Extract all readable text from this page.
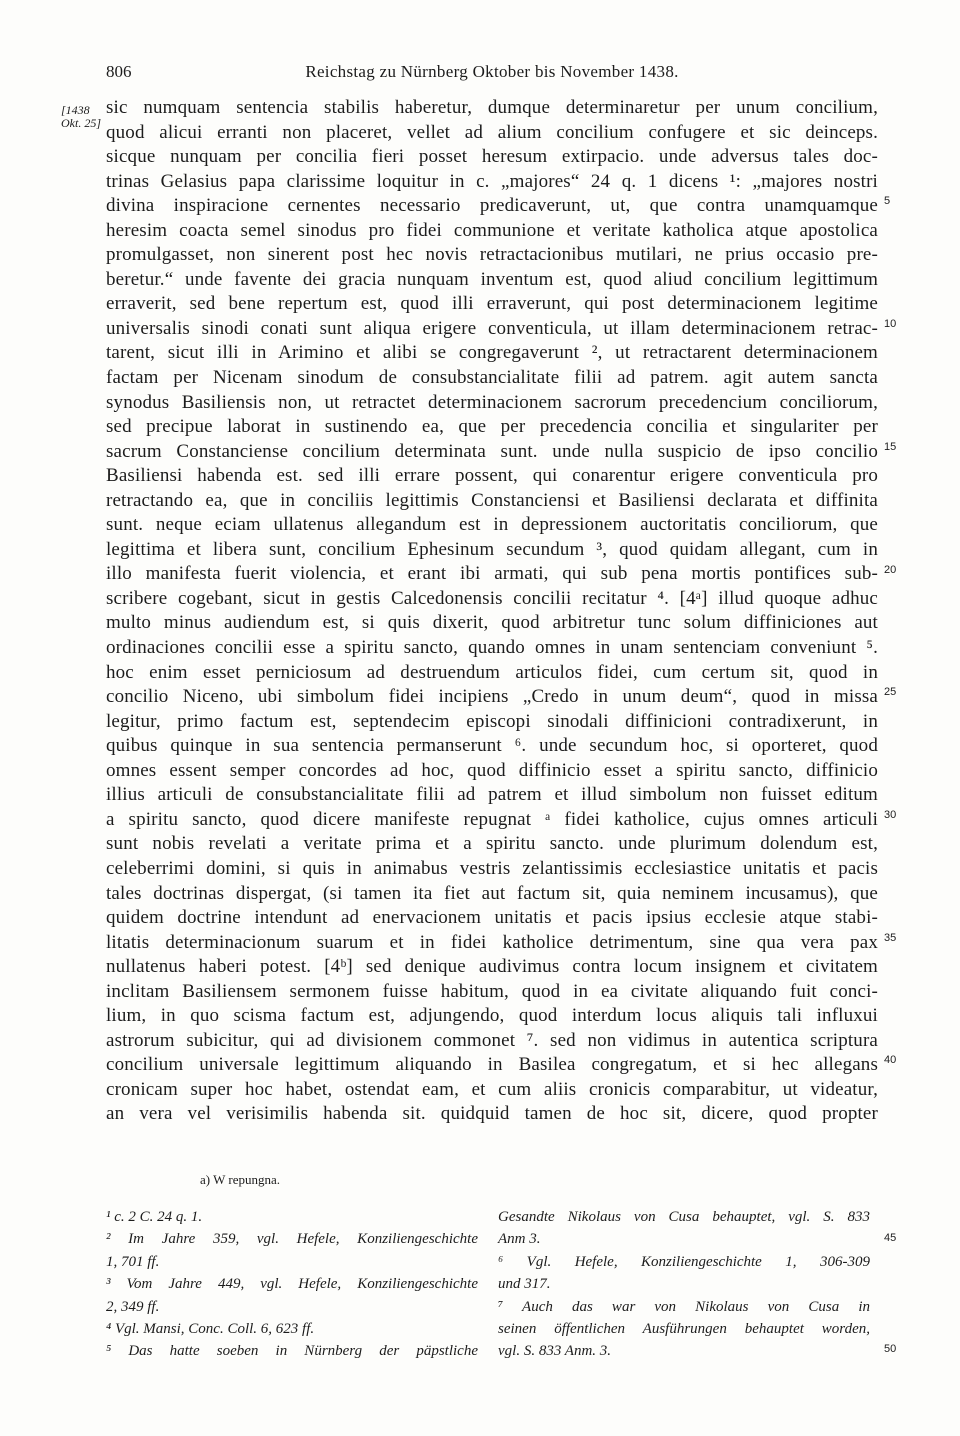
806	Reichstag zu Nürnberg Oktober bis November 1438.
[1438
Okt. 25]
sic numquam sentencia stabilis haberetur, dumque determinaretur per unum concilium,
quod alicui erranti non placeret, vellet ad alium concilium confugere et sic deinceps.
sicque nunquam per concilia fieri posset heresum extirpacio. unde adversus tales doc-
trinas Gelasius papa clarissime loquitur in c. „majores“ 24 q. 1 dicens ¹: „majores nostri
divina inspiracione cernentes necessario predicaverunt, ut, que contra unamquamque
heresim coacta semel sinodus pro fidei communione et veritate katholica atque apostolica
promulgasset, non sinerent post hec novis retractacionibus mutilari, ne prius occasio pre-
beretur.“ unde favente dei gracia nunquam inventum est, quod aliud concilium legittimum
erraverit, sed bene repertum est, quod illi erraverunt, qui post determinacionem legitime
universalis sinodi conati sunt aliqua erigere conventicula, ut illam determinacionem retrac-
tarent, sicut illi in Arimino et alibi se congregaverunt ², ut retractarent determinacionem
factam per Nicenam sinodum de consubstancialitate filii ad patrem. agit autem sancta
synodus Basiliensis non, ut retractet determinacionem sacrorum precedencium conciliorum,
sed precipue laborat in sustinendo ea, que per precedencia concilia et singulariter per
sacrum Constanciense concilium determinata sunt. unde nulla suspicio de ipso concilio
Basiliensi habenda est. sed illi errare possent, qui conarentur erigere conventicula pro
retractando ea, que in conciliis legittimis Constanciensi et Basiliensi declarata et diffinita
sunt. neque eciam ullatenus allegandum est in depressionem auctoritatis conciliorum, que
legittima et libera sunt, concilium Ephesinum secundum ³, quod quidam allegant, cum in
illo manifesta fuerit violencia, et erant ibi armati, qui sub pena mortis pontifices sub-
scribere cogebant, sicut in gestis Calcedonensis concilii recitatur ⁴. [4ᵃ] illud quoque adhuc
multo minus audiendum est, si quis dixerit, quod arbitretur tunc solum diffiniciones aut
ordinaciones concilii esse a spiritu sancto, quando omnes in unam sentenciam conveniunt ⁵.
hoc enim esset perniciosum ad destruendum articulos fidei, cum certum sit, quod in
concilio Niceno, ubi simbolum fidei incipiens „Credo in unum deum“, quod in missa
legitur, primo factum est, septendecim episcopi sinodali diffinicioni contradixerunt, in
quibus quinque in sua sentencia permanserunt ⁶. unde secundum hoc, si oporteret, quod
omnes essent semper concordes ad hoc, quod diffinicio esset a spiritu sancto, diffinicio
illius articuli de consubstancialitate filii ad patrem et illud simbolum non fuisset editum
a spiritu sancto, quod dicere manifeste repugnat ᵃ fidei katholice, cujus omnes articuli
sunt nobis revelati a veritate prima et a spiritu sancto. unde plurimum dolendum est,
celeberrimi domini, si quis in animabus vestris zelantissimis ecclesiastice unitatis et pacis
tales doctrinas dispergat, (si tamen ita fiet aut factum sit, quia neminem incusamus), que
quidem doctrine intendunt ad enervacionem unitatis et pacis ipsius ecclesie atque stabi-
litatis determinacionum suarum et in fidei katholice detrimentum, sine qua vera pax
nullatenus haberi potest. [4ᵇ] sed denique audivimus contra locum insignem et civitatem
inclitam Basiliensem sermonem fuisse habitum, quod in ea civitate aliquando fuit conci-
lium, in quo scisma factum est, adjungendo, quod interdum locus aliquis tali influxui
astrorum subicitur, qui ad divisionem commonet ⁷. sed non vidimus in autentica scriptura
concilium universale legittimum aliquando in Basilea congregatum, et si hec allegans
cronicam super hoc habet, ostendat eam, et cum aliis cronicis comparabitur, ut videatur,
an vera vel verisimilis habenda sit. quidquid tamen de hoc sit, dicere, quod propter
5
10
15
20
25
30
35
40
45
50
a) W repungna.
¹ c. 2 C. 24 q. 1.
² Im Jahre 359, vgl. Hefele, Konziliengeschichte
1, 701 ff.
³ Vom Jahre 449, vgl. Hefele, Konziliengeschichte
2, 349 ff.
⁴ Vgl. Mansi, Conc. Coll. 6, 623 ff.
⁵ Das hatte soeben in Nürnberg der päpstliche
Gesandte Nikolaus von Cusa behauptet, vgl. S. 833
Anm 3.
⁶ Vgl. Hefele, Konziliengeschichte 1, 306-309
und 317.
⁷ Auch das war von Nikolaus von Cusa in
seinen öffentlichen Ausführungen behauptet worden,
vgl. S. 833 Anm. 3.
